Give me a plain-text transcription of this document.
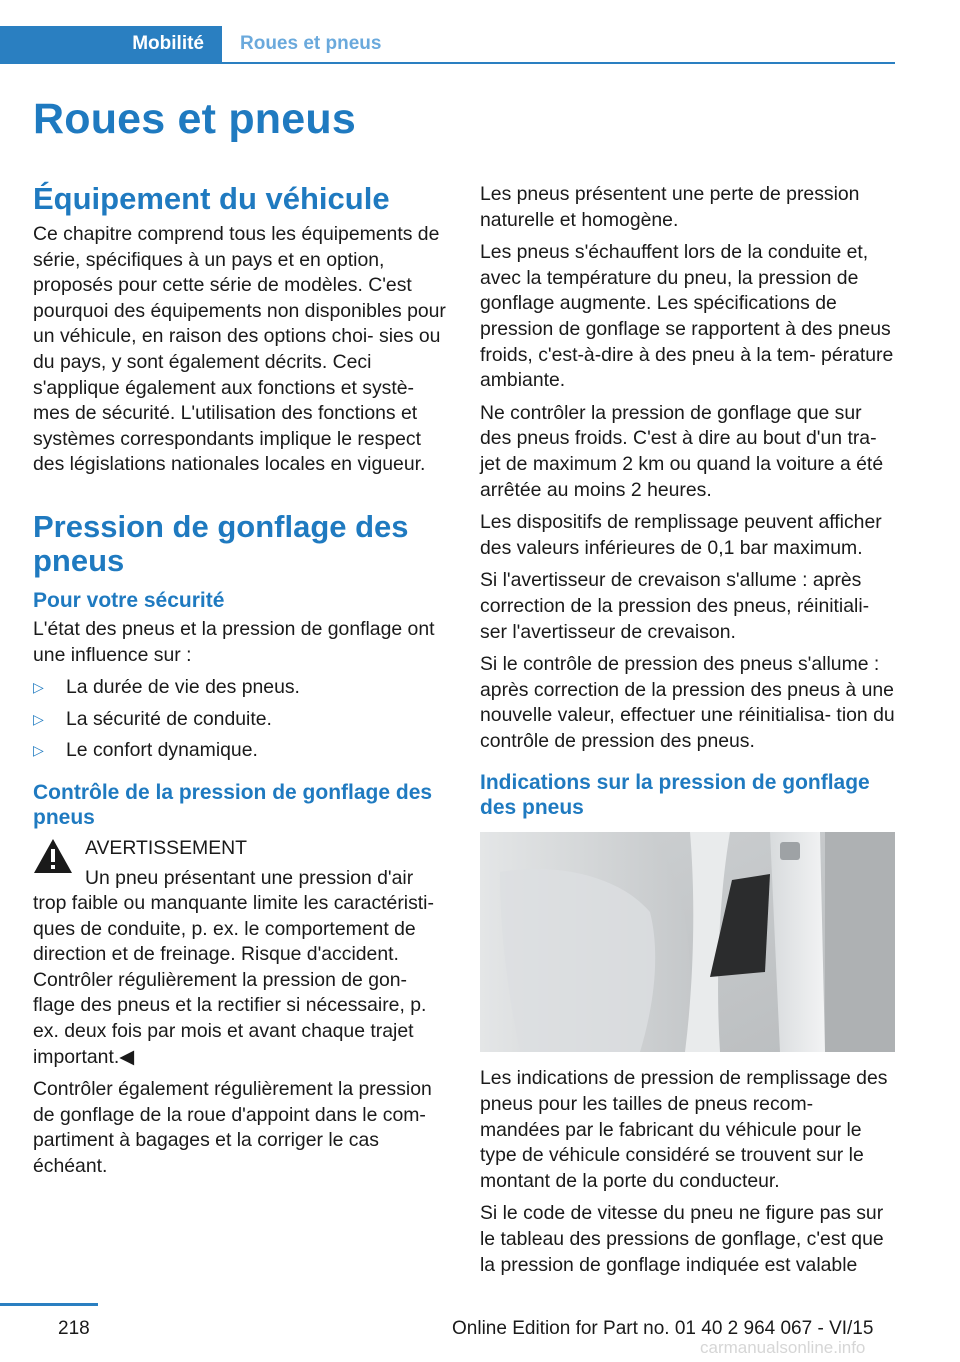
Mobilité	Roues et pneus
Roues et pneus
Équipement du véhicule

Ce chapitre comprend tous les équipements de série, spécifiques à un pays et en option, proposés pour cette série de modèles. C'est pourquoi des équipements non disponibles pour un véhicule, en raison des options choi‐ sies ou du pays, y sont également décrits. Ceci s'applique également aux fonctions et systè‐ mes de sécurité. L'utilisation des fonctions et systèmes correspondants implique le respect des législations nationales locales en vigueur.

Pression de gonflage des pneus
Pour votre sécurité

L'état des pneus et la pression de gonflage ont une influence sur :

▷ La durée de vie des pneus.
▷ La sécurité de conduite.
▷ Le confort dynamique.
Contrôle de la pression de gonflage des pneus
AVERTISSEMENT
Un pneu présentant une pression d'air

trop faible ou manquante limite les caractéristi‐ ques de conduite, p. ex. le comportement de direction et de freinage. Risque d'accident. Contrôler régulièrement la pression de gon‐ flage des pneus et la rectifier si nécessaire, p. ex. deux fois par mois et avant chaque trajet important.◀

Contrôler également régulièrement la pression de gonflage de la roue d'appoint dans le com‐ partiment à bagages et la corriger le cas échéant.

Les pneus présentent une perte de pression naturelle et homogène.

Les pneus s'échauffent lors de la conduite et, avec la température du pneu, la pression de gonflage augmente. Les spécifications de pression de gonflage se rapportent à des pneus froids, c'est-à-dire à des pneu à la tem‐ pérature ambiante.

Ne contrôler la pression de gonflage que sur des pneus froids. C'est à dire au bout d'un tra‐ jet de maximum 2 km ou quand la voiture a été arrêtée au moins 2 heures.

Les dispositifs de remplissage peuvent afficher des valeurs inférieures de 0,1 bar maximum.

Si l'avertisseur de crevaison s'allume : après correction de la pression des pneus, réinitiali‐ ser l'avertisseur de crevaison.

Si le contrôle de pression des pneus s'allume : après correction de la pression des pneus à une nouvelle valeur, effectuer une réinitialisa‐ tion du contrôle de pression des pneus.

Indications sur la pression de gonflage des pneus

Les indications de pression de remplissage des pneus pour les tailles de pneus recom‐ mandées par le fabricant du véhicule pour le type de véhicule considéré se trouvent sur le montant de la porte du conducteur.

Si le code de vitesse du pneu ne figure pas sur le tableau des pressions de gonflage, c'est que la pression de gonflage indiquée est valable

218	Online Edition for Part no. 01 40 2 964 067 - VI/15
carmanualsonline.info
